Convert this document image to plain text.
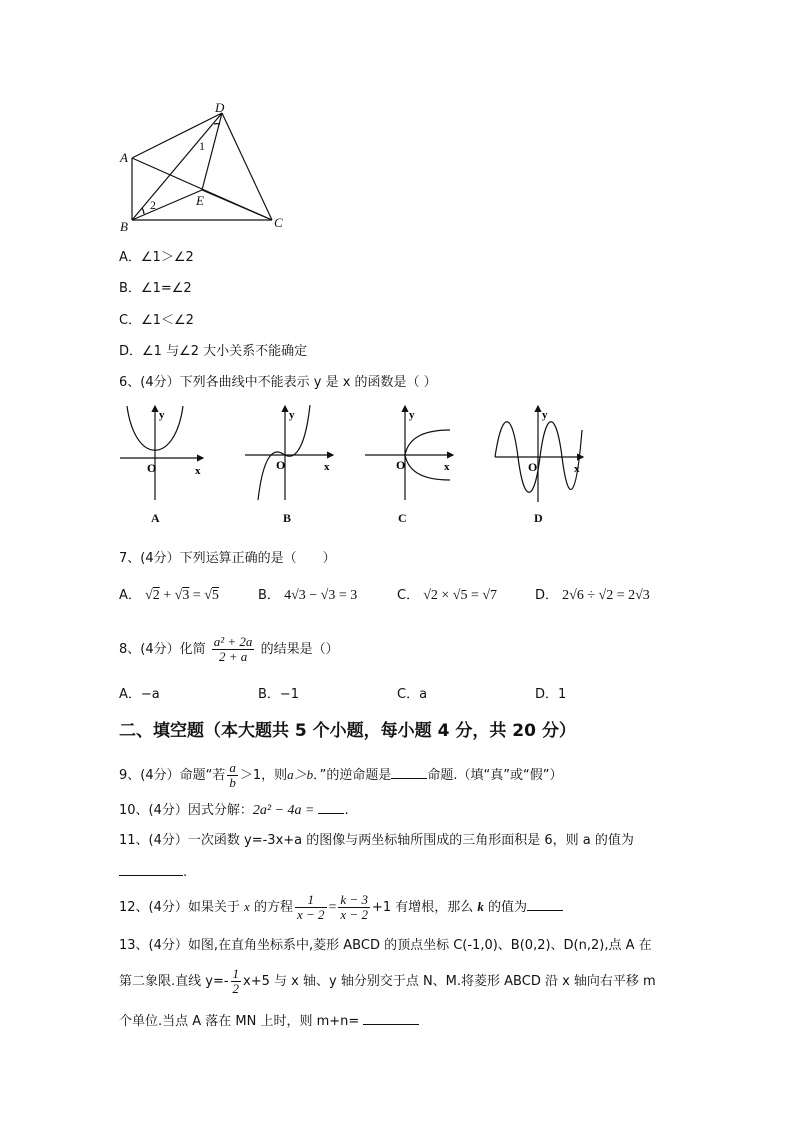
D
A
B	C
E
1
2
A．∠1＞∠2
B．∠1=∠2
C．∠1＜∠2
D．∠1 与∠2 大小关系不能确定
6、(4分）下列各曲线中不能表示 y 是 x 的函数是（ ）
y
O	x
A
y
O	x
B
y
O	x
C
y
O	x
D
7、(4分）下列运算正确的是（　　）
A． √2 + √3 = √5	B． 4√3 − √3 = 3	C． √2 × √5 = √7	D． 2√6 ÷ √2 = 2√3
8、(4分）化简 $\frac{\text{a² + 2a}}{2 + a}$ 的结果是（）
A．−a	B．−1	C．a	D．1
二、填空题（本大题共 5 个小题，每小题 4 分，共 20 分）
9、(4分）命题“若 $\frac{a}{b} >1$，则a＞b．”的逆命题是	命题.（填“真”或“假”）
10、(4分）因式分解：2a² − 4a = .
11、(4分）一次函数 y=-3x+a 的图像与两坐标轴所围成的三角形面积是 6，则 a 的值为
.
12、(4分）如果关于 x 的方程 $\frac{1}{x - 2} = \frac{k - 3}{x - 2} +1$ 有增根，那么 k 的值为
13、(4分）如图,在直角坐标系中,菱形 ABCD 的顶点坐标 C(-1,0)、B(0,2)、D(n,2),点 A 在
第二象限.直线 $y=- \frac{1}{2} x+5$ 与 x 轴、y 轴分别交于点 N、M.将菱形 ABCD 沿 x 轴向右平移 m
个单位.当点 A 落在 MN 上时，则 m+n=
